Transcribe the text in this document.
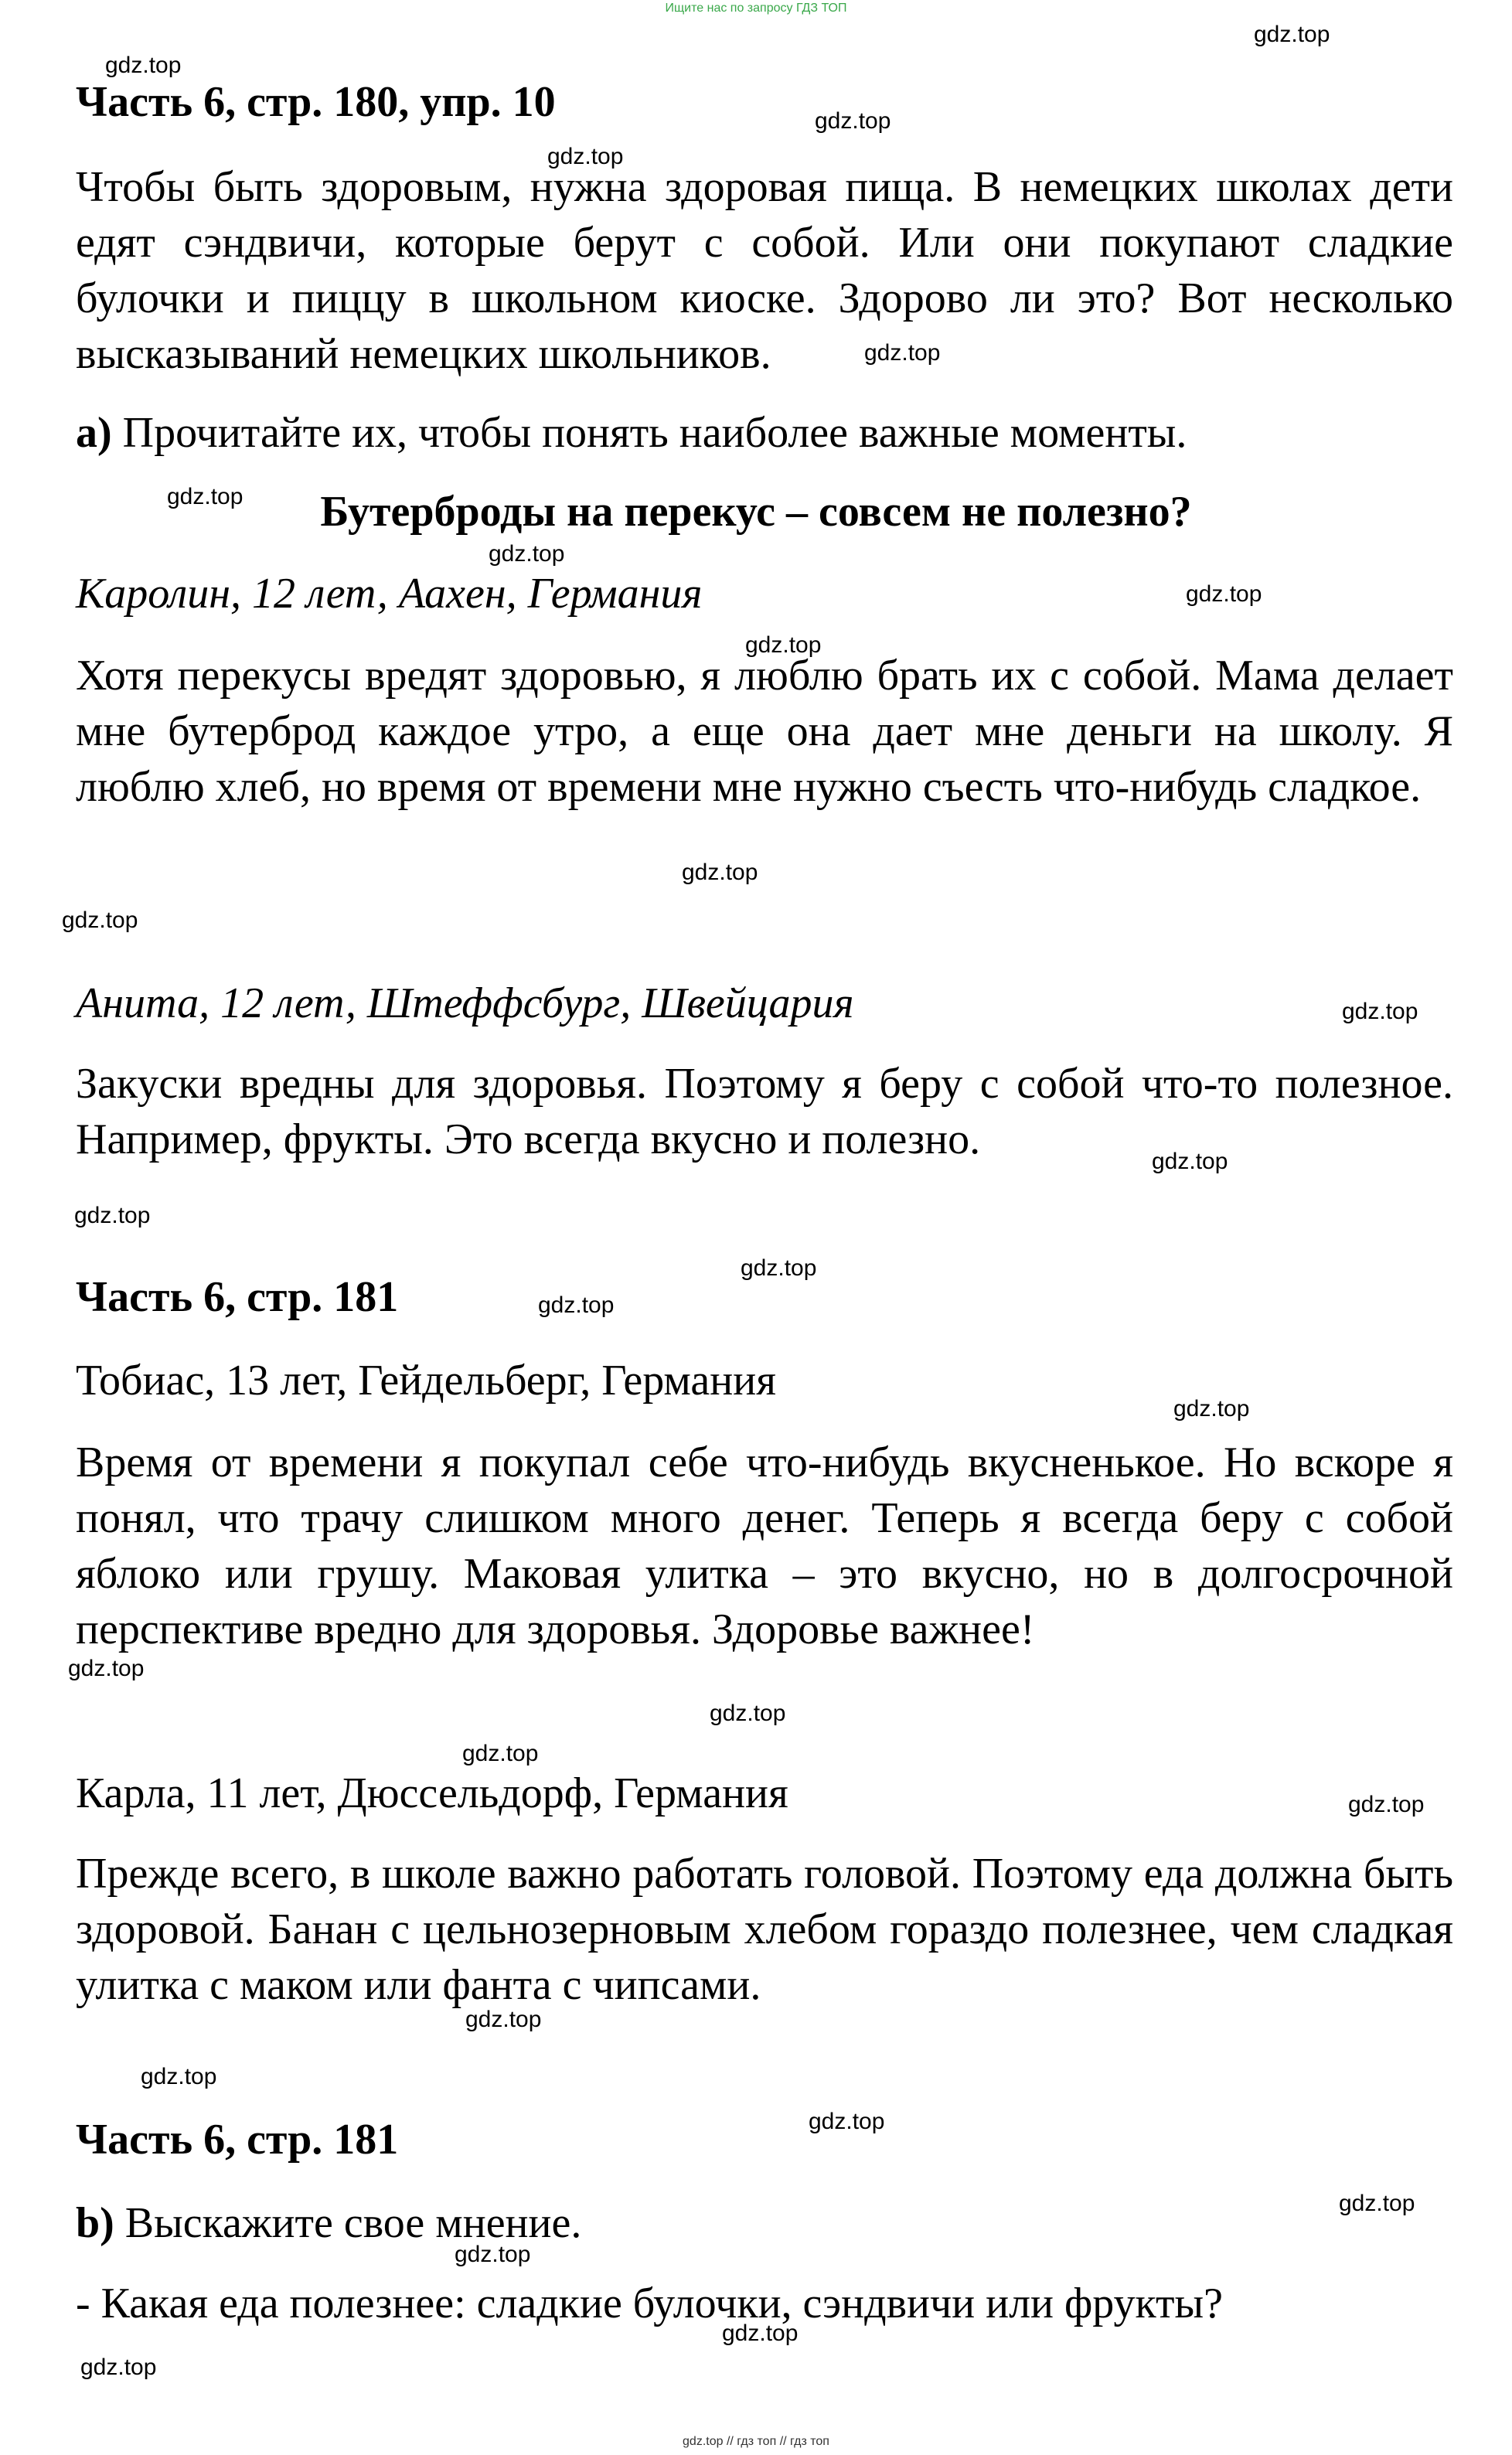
Ищите нас по запросу ГДЗ ТОП
gdz.top
gdz.top
gdz.top
gdz.top
gdz.top
gdz.top
gdz.top
gdz.top
gdz.top
gdz.top
gdz.top
gdz.top
gdz.top
gdz.top
gdz.top
gdz.top
gdz.top
gdz.top
gdz.top
gdz.top
gdz.top
gdz.top
gdz.top
gdz.top
gdz.top
gdz.top
gdz.top
gdz.top
Часть 6, стр. 180, упр. 10
Чтобы быть здоровым, нужна здоровая пища. В немецких школах дети едят сэндвичи, которые берут с собой. Или они покупают сладкие булочки и пиццу в школьном киоске. Здорово ли это? Вот несколько высказываний немецких школьников.
a) Прочитайте их, чтобы понять наиболее важные моменты.
Бутерброды на перекус – совсем не полезно?
Каролин, 12 лет, Аахен, Германия
Хотя перекусы вредят здоровью, я люблю брать их с собой. Мама делает мне бутерброд каждое утро, а еще она дает мне деньги на школу. Я люблю хлеб, но время от времени мне нужно съесть что-нибудь сладкое.
Анита, 12 лет, Штеффсбург, Швейцария
Закуски вредны для здоровья. Поэтому я беру с собой что-то полезное. Например, фрукты. Это всегда вкусно и полезно.
Часть 6, стр. 181
Тобиас, 13 лет, Гейдельберг, Германия
Время от времени я покупал себе что-нибудь вкусненькое. Но вскоре я понял, что трачу слишком много денег. Теперь я всегда беру с собой яблоко или грушу. Маковая улитка – это вкусно, но в долгосрочной перспективе вредно для здоровья. Здоровье важнее!
Карла, 11 лет, Дюссельдорф, Германия
Прежде всего, в школе важно работать головой. Поэтому еда должна быть здоровой. Банан с цельнозерновым хлебом гораздо полезнее, чем сладкая улитка с маком или фанта с чипсами.
Часть 6, стр. 181
b) Выскажите свое мнение.
- Какая еда полезнее: сладкие булочки, сэндвичи или фрукты?
gdz.top // гдз топ // гдз топ
